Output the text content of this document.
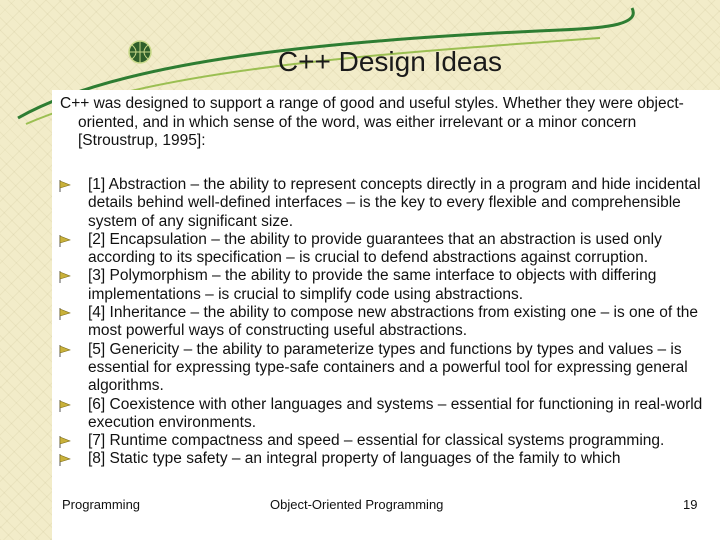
C++ Design Ideas
C++ was designed to support a range of good and useful styles. Whether they were object-oriented, and in which sense of the word, was either irrelevant or a minor concern [Stroustrup, 1995]:
[1] Abstraction – the ability to represent concepts directly in a program and hide incidental details behind well-defined interfaces – is the key to every flexible and comprehensible system of any significant size.
[2] Encapsulation – the ability to provide guarantees that an abstraction is used only according to its specification – is crucial to defend abstractions against corruption.
[3] Polymorphism – the ability to provide the same interface to objects with differing implementations – is crucial to simplify code using abstractions.
[4] Inheritance – the ability to compose new abstractions from existing one – is one of the most powerful ways of constructing useful abstractions.
[5] Genericity – the ability to parameterize types and functions by types and values – is essential for expressing type-safe containers and a powerful tool for expressing general algorithms.
[6] Coexistence with other languages and systems – essential for functioning in real-world execution environments.
[7] Runtime compactness and speed – essential for classical systems programming.
[8] Static type safety – an integral property of languages of the family to which
Programming	Object-Oriented Programming	19
